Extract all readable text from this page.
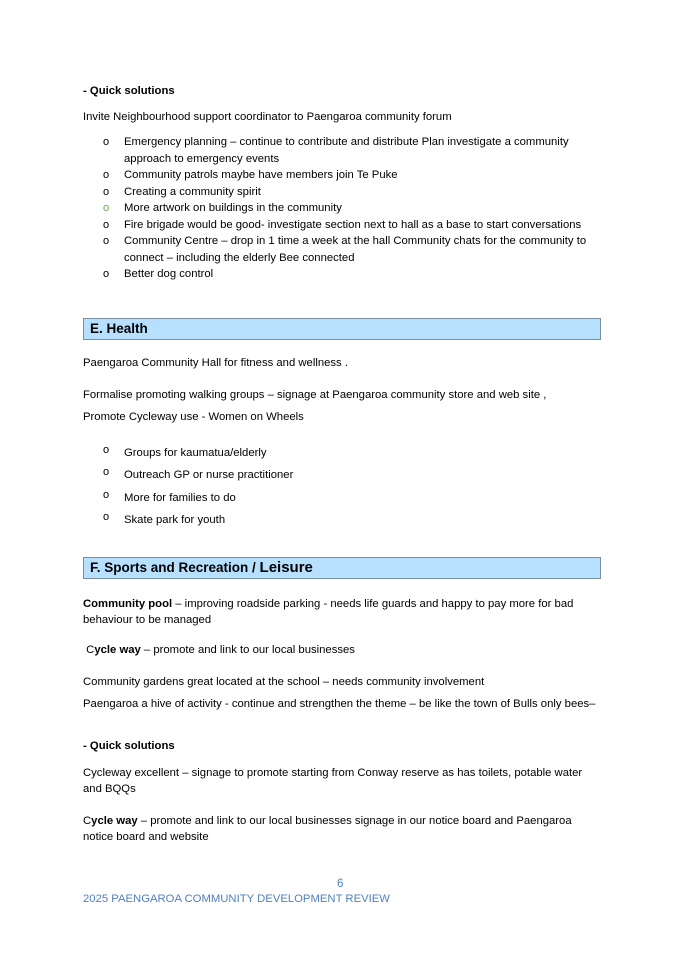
- Quick solutions

Invite Neighbourhood support coordinator to Paengaroa community forum

o Emergency planning – continue to contribute and distribute Plan investigate a community approach to emergency events
o Community patrols maybe have members join Te Puke
o Creating a community spirit
o More artwork on buildings in the community
o Fire brigade would be good- investigate section next to hall as a base to start conversations
o Community Centre – drop in 1 time a week at the hall Community chats for the community to connect – including the elderly Bee connected
o Better dog control
E. Health

Paengaroa Community Hall for fitness and wellness .

Formalise promoting walking groups – signage at Paengaroa community store and web site ,

Promote Cycleway use - Women on Wheels

o Groups for kaumatua/elderly
o Outreach GP or nurse practitioner
o More for families to do
o Skate park for youth
F. Sports and Recreation / Leisure

Community pool – improving roadside parking - needs life guards and happy to pay more for bad behaviour to be managed

Cycle way – promote and link to our local businesses

Community gardens great located at the school – needs community involvement

Paengaroa a hive of activity - continue and strengthen the theme – be like the town of Bulls only bees–

- Quick solutions

Cycleway excellent – signage to promote starting from Conway reserve as has toilets, potable water and BQQs

Cycle way – promote and link to our local businesses signage in our notice board and Paengaroa notice board and website

6
2025 PAENGAROA COMMUNITY DEVELOPMENT REVIEW
